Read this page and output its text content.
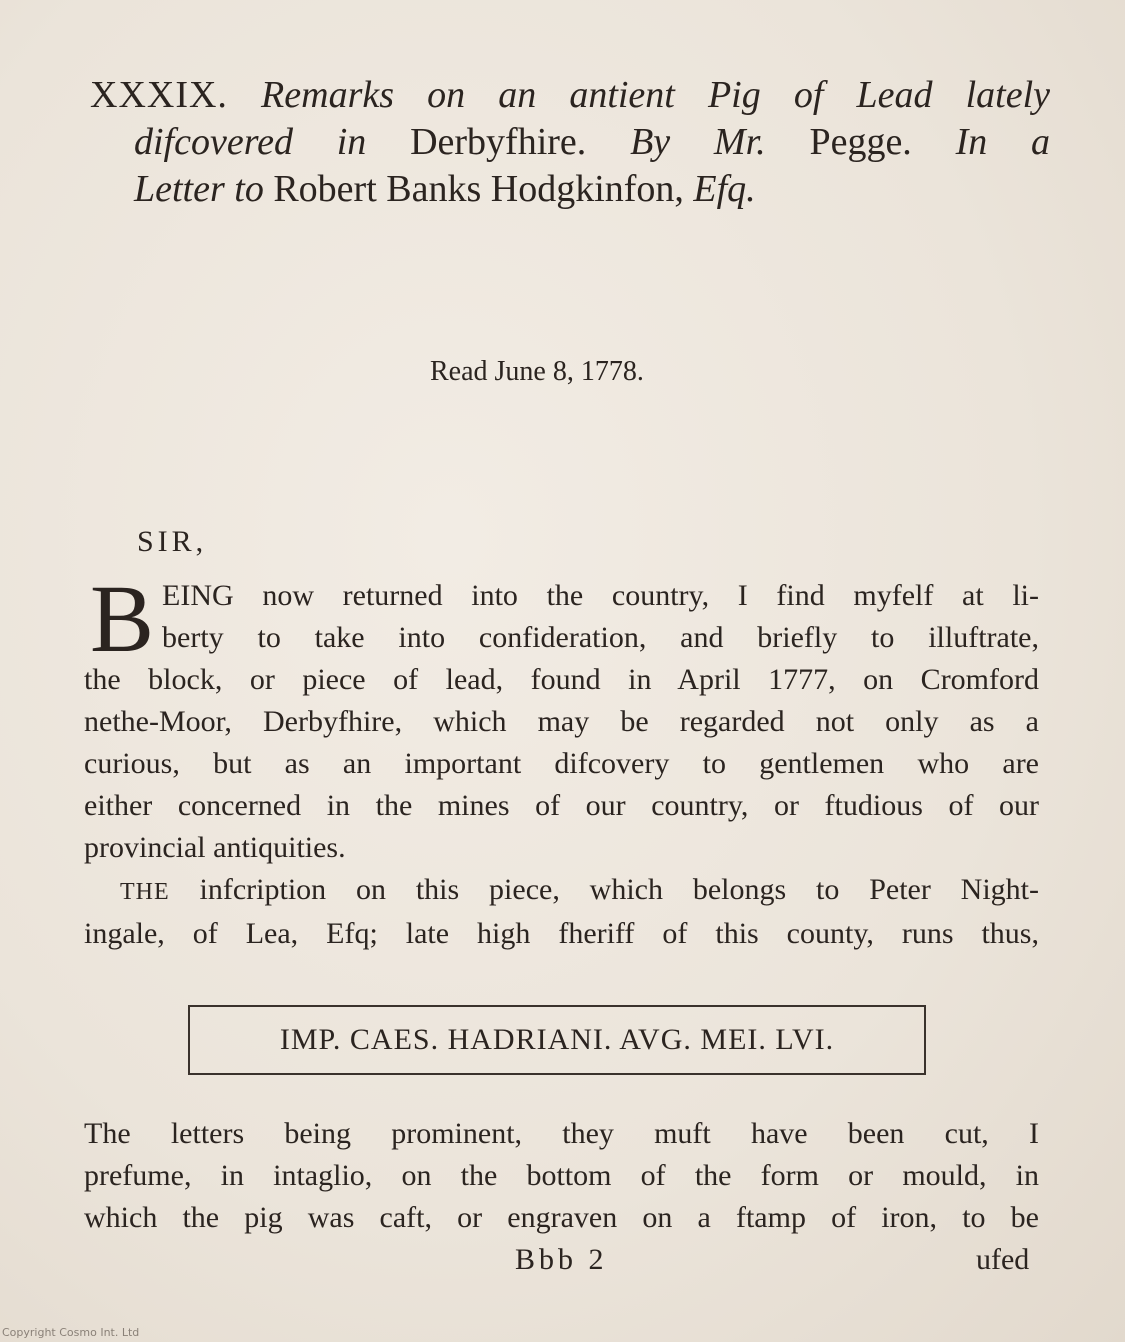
XXXIX. Remarks on an antient Pig of Lead lately
difcovered in Derbyfhire. By Mr. Pegge. In a
Letter to Robert Banks Hodgkinfon, Efq.
Read June 8, 1778.
SIR,
B EING now returned into the country, I find myfelf at li-
berty to take into confideration, and briefly to illuftrate,
the block, or piece of lead, found in April 1777, on Cromford
nethe-Moor, Derbyfhire, which may be regarded not only as a
curious, but as an important difcovery to gentlemen who are
either concerned in the mines of our country, or ftudious of our
provincial antiquities.
THE infcription on this piece, which belongs to Peter Night-
ingale, of Lea, Efq; late high fheriff of this county, runs thus,
IMP. CAES. HADRIANI. AVG. MEI. LVI.
The letters being prominent, they muft have been cut, I
prefume, in intaglio, on the bottom of the form or mould, in
which the pig was caft, or engraven on a ftamp of iron, to be
Bbb 2	ufed
Copyright Cosmo Int. Ltd
